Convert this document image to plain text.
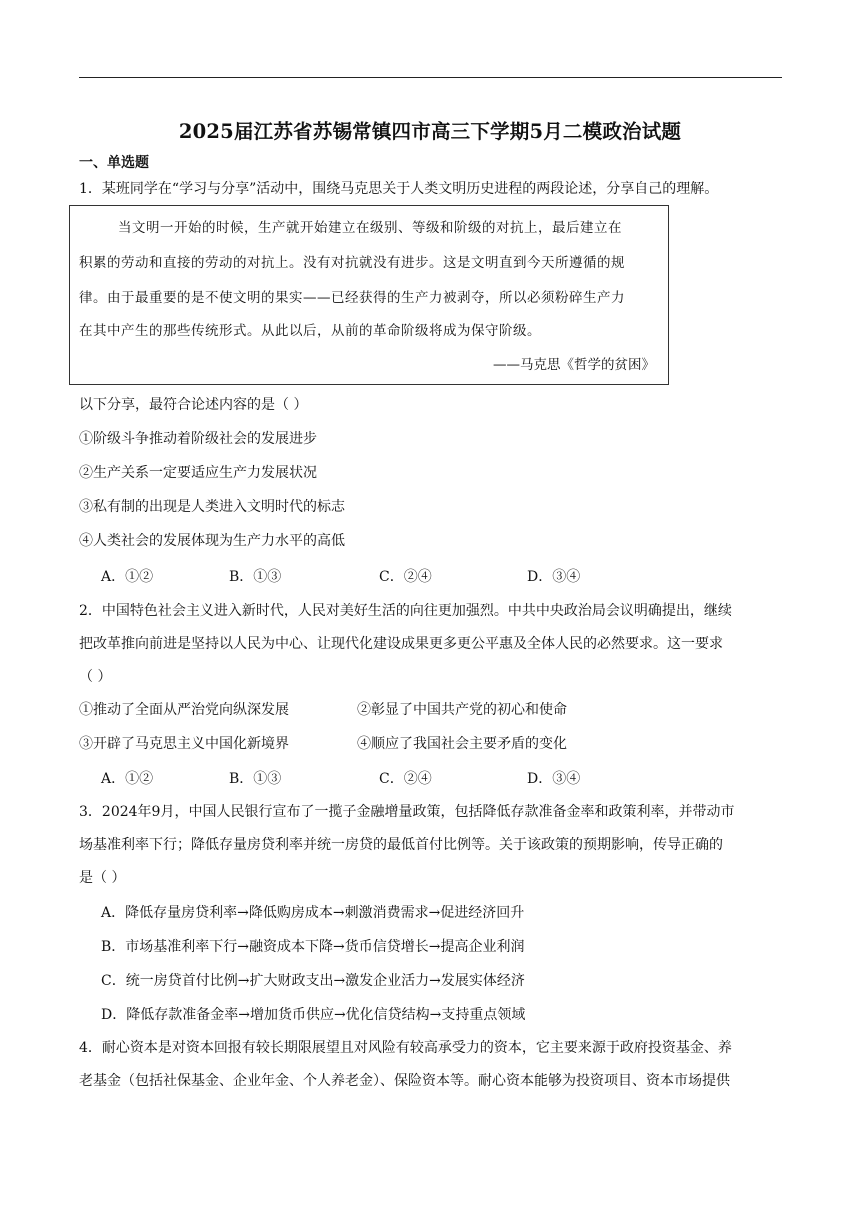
2025届江苏省苏锡常镇四市高三下学期5月二模政治试题
一、单选题
1．某班同学在“学习与分享”活动中，围绕马克思关于人类文明历史进程的两段论述，分享自己的理解。
当文明一开始的时候，生产就开始建立在级别、等级和阶级的对抗上，最后建立在
积累的劳动和直接的劳动的对抗上。没有对抗就没有进步。这是文明直到今天所遵循的规
律。由于最重要的是不使文明的果实——已经获得的生产力被剥夺，所以必须粉碎生产力
在其中产生的那些传统形式。从此以后，从前的革命阶级将成为保守阶级。
——马克思《哲学的贫困》
以下分享，最符合论述内容的是（ ）
①阶级斗争推动着阶级社会的发展进步
②生产关系一定要适应生产力发展状况
③私有制的出现是人类进入文明时代的标志
④人类社会的发展体现为生产力水平的高低
A．①②	B．①③	C．②④	D．③④
2．中国特色社会主义进入新时代，人民对美好生活的向往更加强烈。中共中央政治局会议明确提出，继续
把改革推向前进是坚持以人民为中心、让现代化建设成果更多更公平惠及全体人民的必然要求。这一要求
（ ）
①推动了全面从严治党向纵深发展	②彰显了中国共产党的初心和使命
③开辟了马克思主义中国化新境界	④顺应了我国社会主要矛盾的变化
A．①②	B．①③	C．②④	D．③④
3．2024年9月，中国人民银行宣布了一揽子金融增量政策，包括降低存款准备金率和政策利率，并带动市
场基准利率下行；降低存量房贷利率并统一房贷的最低首付比例等。关于该政策的预期影响，传导正确的
是（ ）
A．降低存量房贷利率→降低购房成本→刺激消费需求→促进经济回升
B．市场基准利率下行→融资成本下降→货币信贷增长→提高企业利润
C．统一房贷首付比例→扩大财政支出→激发企业活力→发展实体经济
D．降低存款准备金率→增加货币供应→优化信贷结构→支持重点领域
4．耐心资本是对资本回报有较长期限展望且对风险有较高承受力的资本，它主要来源于政府投资基金、养
老基金（包括社保基金、企业年金、个人养老金）、保险资本等。耐心资本能够为投资项目、资本市场提供
